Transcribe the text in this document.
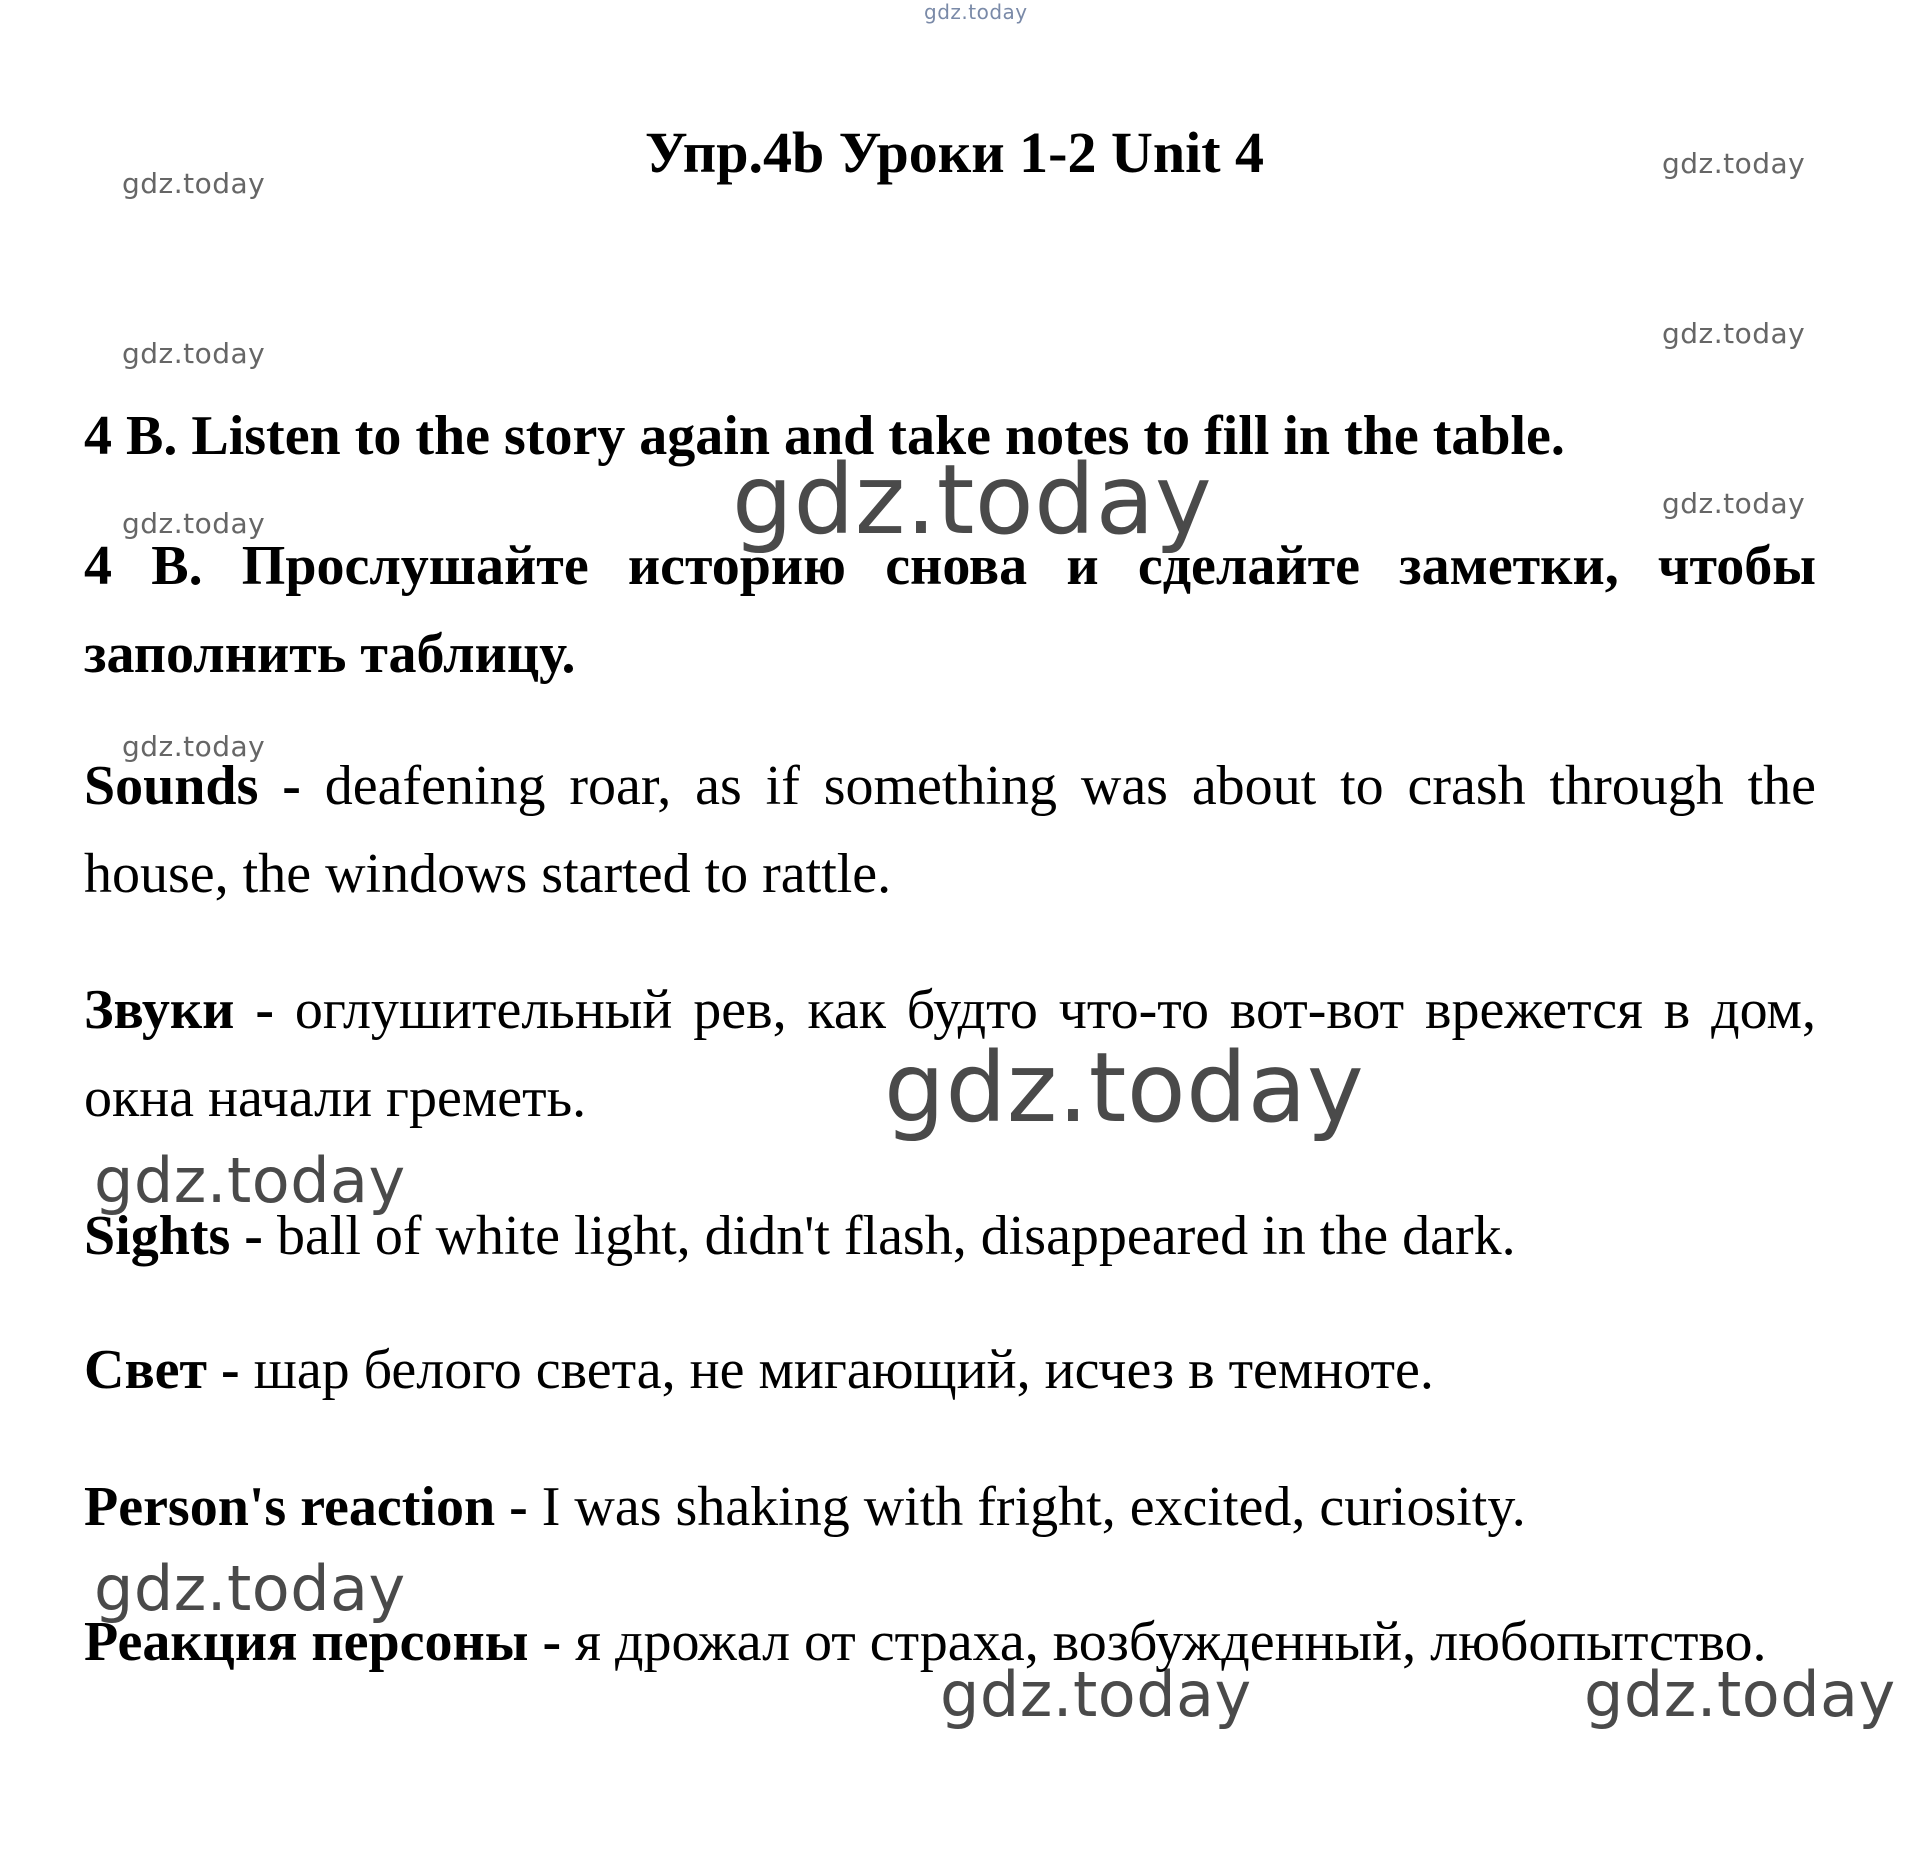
gdz.today
gdz.today
gdz.today
gdz.today
gdz.today
gdz.today
gdz.today
gdz.today
gdz.today
gdz.today
gdz.today
gdz.today
gdz.today	gdz.today
Упр.4b Уроки 1-2 Unit 4
4 B. Listen to the story again and take notes to fill in the table.
4 B. Прослушайте историю снова и сделайте заметки, чтобы заполнить таблицу.
Sounds - deafening roar, as if something was about to crash through the house, the windows started to rattle.
Звуки - оглушительный рев, как будто что-то вот-вот врежется в дом, окна начали греметь.
Sights - ball of white light, didn't flash, disappeared in the dark.
Свет - шар белого света, не мигающий, исчез в темноте.
Person's reaction - I was shaking with fright, excited, curiosity.
Реакция персоны - я дрожал от страха, возбужденный, любопытство.
